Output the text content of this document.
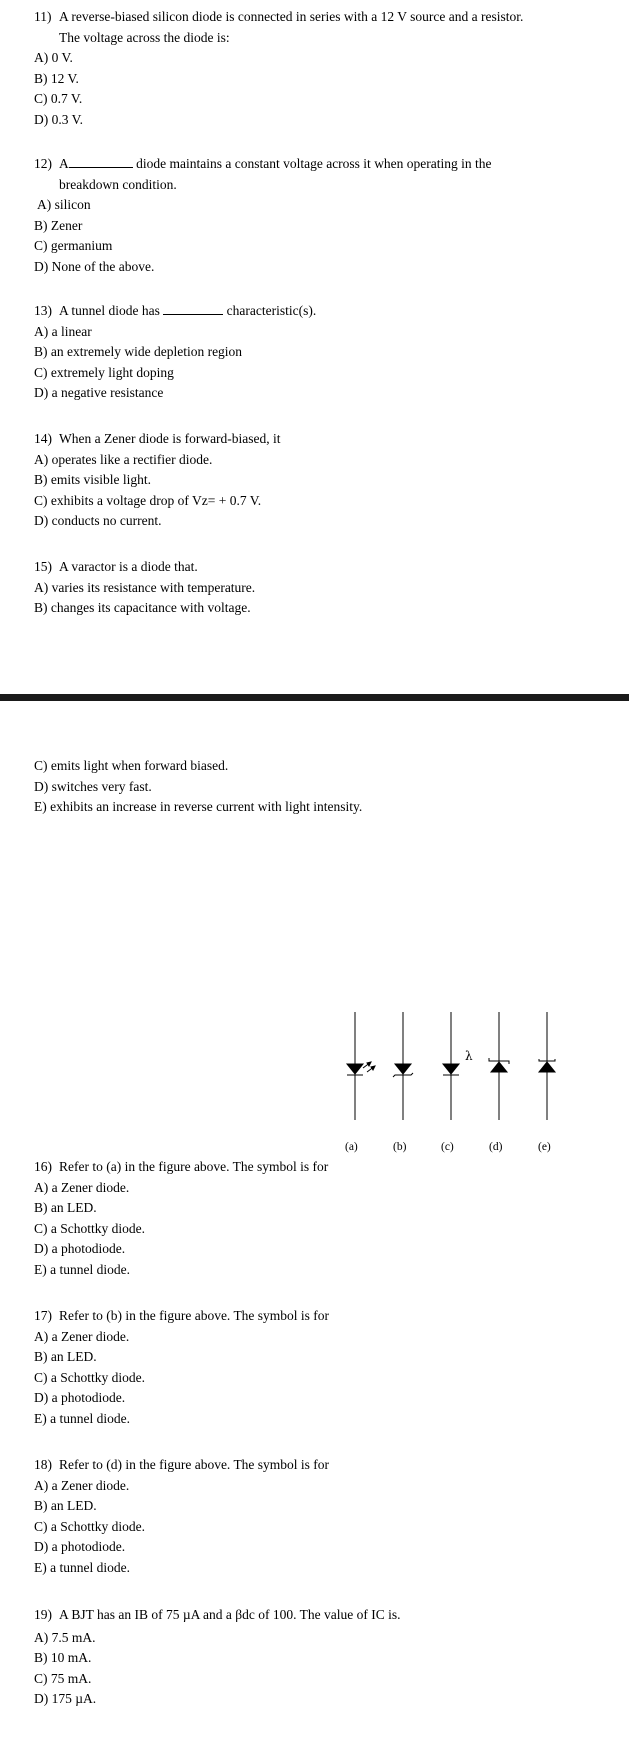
11) A reverse-biased silicon diode is connected in series with a 12 V source and a resistor.
The voltage across the diode is:

A) 0 V.

B) 12 V.

C) 0.7 V.

D) 0.3 V.

12) A	diode maintains a constant voltage across it when operating in the
breakdown condition.

A) silicon

B) Zener

C) germanium

D) None of the above.

13) A tunnel diode has	characteristic(s).

A) a linear

B) an extremely wide depletion region

C) extremely light doping

D) a negative resistance

14) When a Zener diode is forward-biased, it

A) operates like a rectifier diode.

B) emits visible light.

C) exhibits a voltage drop of Vz= + 0.7 V.

D) conducts no current.

15) A varactor is a diode that.

A) varies its resistance with temperature.

B) changes its capacitance with voltage.

C) emits light when forward biased.

D) switches very fast.

E) exhibits an increase in reverse current with light intensity.

λ
(a)	(b)	(c)	(d)	(e)
16) Refer to (a) in the figure above. The symbol is for

A) a Zener diode.

B) an LED.

C) a Schottky diode.

D) a photodiode.

E) a tunnel diode.

17) Refer to (b) in the figure above. The symbol is for

A) a Zener diode.

B) an LED.

C) a Schottky diode.

D) a photodiode.

E) a tunnel diode.

18) Refer to (d) in the figure above. The symbol is for

A) a Zener diode.

B) an LED.

C) a Schottky diode.

D) a photodiode.

E) a tunnel diode.

19) A BJT has an IB of 75 µA and a βdc of 100. The value of IC is.

A) 7.5 mA.

B) 10 mA.

C) 75 mA.

D) 175 µA.
